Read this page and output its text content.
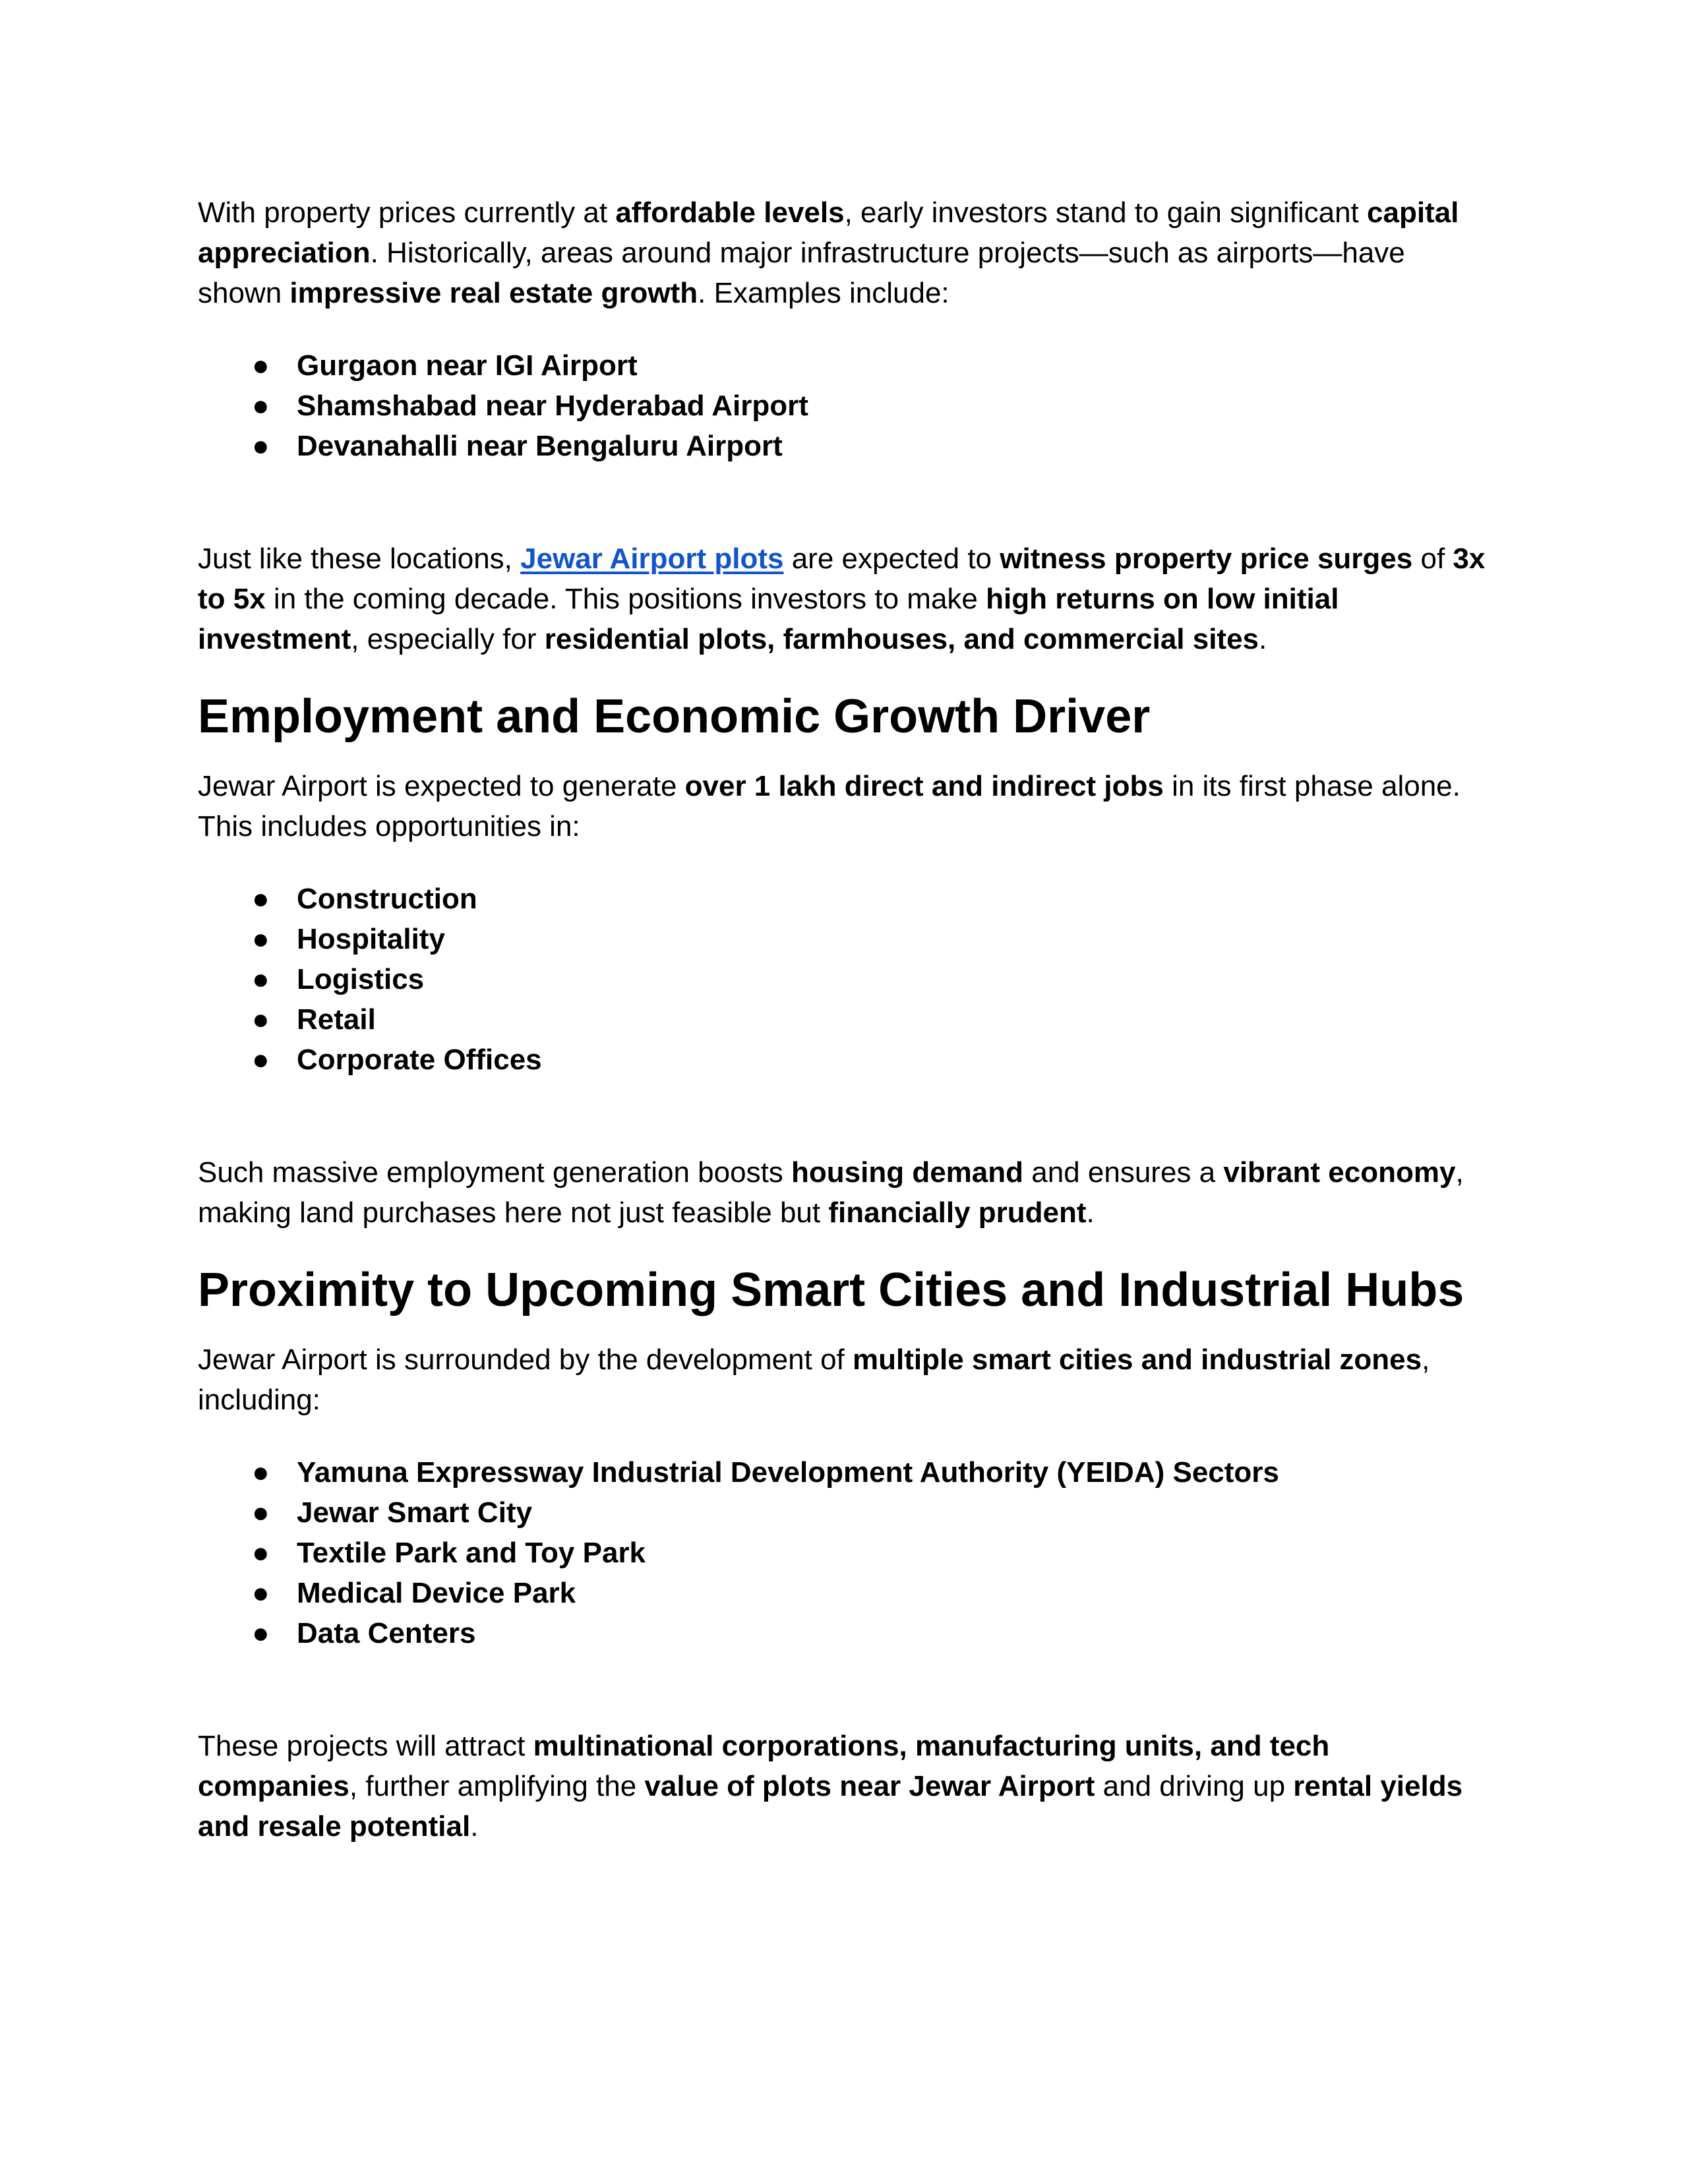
With property prices currently at affordable levels, early investors stand to gain significant capital appreciation. Historically, areas around major infrastructure projects—such as airports—have shown impressive real estate growth. Examples include:

● Gurgaon near IGI Airport
● Shamshabad near Hyderabad Airport
● Devanahalli near Bengaluru Airport

Just like these locations, Jewar Airport plots are expected to witness property price surges of 3x to 5x in the coming decade. This positions investors to make high returns on low initial investment, especially for residential plots, farmhouses, and commercial sites.

Employment and Economic Growth Driver

Jewar Airport is expected to generate over 1 lakh direct and indirect jobs in its first phase alone. This includes opportunities in:

● Construction
● Hospitality
● Logistics
● Retail
● Corporate Offices

Such massive employment generation boosts housing demand and ensures a vibrant economy, making land purchases here not just feasible but financially prudent.

Proximity to Upcoming Smart Cities and Industrial Hubs

Jewar Airport is surrounded by the development of multiple smart cities and industrial zones, including:

● Yamuna Expressway Industrial Development Authority (YEIDA) Sectors
● Jewar Smart City
● Textile Park and Toy Park
● Medical Device Park
● Data Centers

These projects will attract multinational corporations, manufacturing units, and tech companies, further amplifying the value of plots near Jewar Airport and driving up rental yields and resale potential.
